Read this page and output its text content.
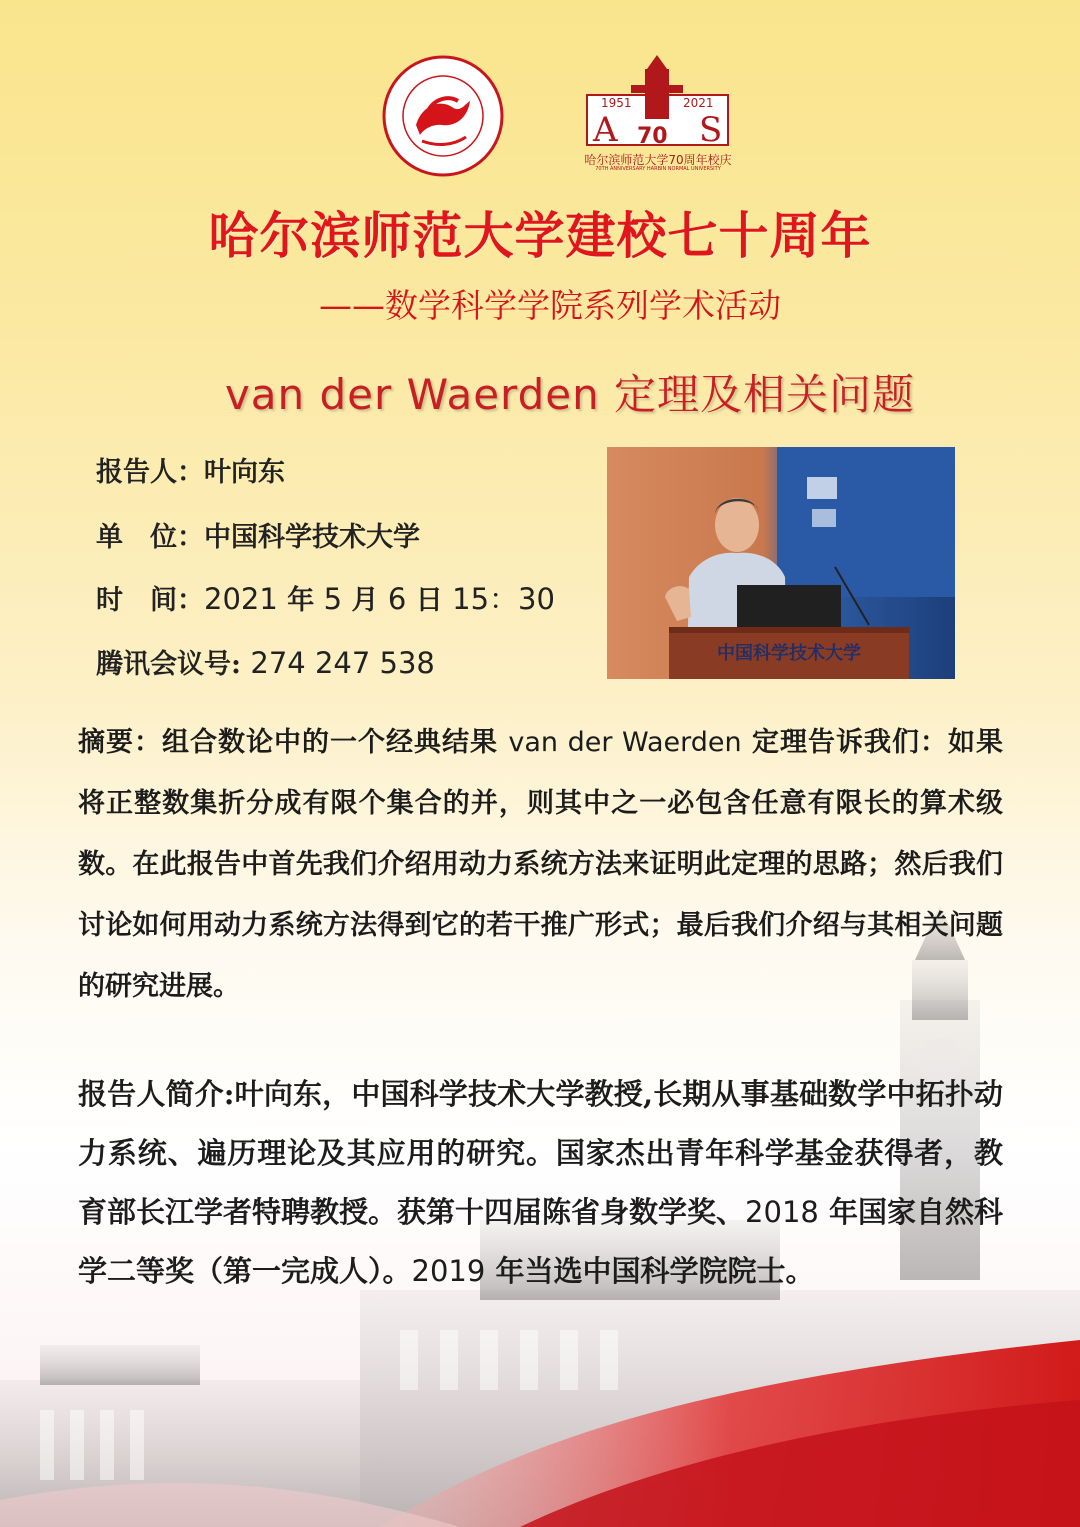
1951	2021
A 70 S
哈尔滨师范大学70周年校庆
70TH ANNIVERSARY HARBIN NORMAL UNIVERSITY
哈尔滨师范大学建校七十周年
——数学科学学院系列学术活动
van der Waerden 定理及相关问题
报告人：叶向东
单　位：中国科学技术大学
时　间：2021 年 5 月 6 日 15：30
腾讯会议号: 274 247 538	中国科学技术大学
摘要：组合数论中的一个经典结果 van der Waerden 定理告诉我们：如果将正整数集折分成有限个集合的并，则其中之一必包含任意有限长的算术级数。在此报告中首先我们介绍用动力系统方法来证明此定理的思路；然后我们讨论如何用动力系统方法得到它的若干推广形式；最后我们介绍与其相关问题的研究进展。
报告人简介:叶向东，中国科学技术大学教授,长期从事基础数学中拓扑动力系统、遍历理论及其应用的研究。国家杰出青年科学基金获得者，教育部长江学者特聘教授。获第十四届陈省身数学奖、2018 年国家自然科学二等奖（第一完成人）。2019 年当选中国科学院院士。
